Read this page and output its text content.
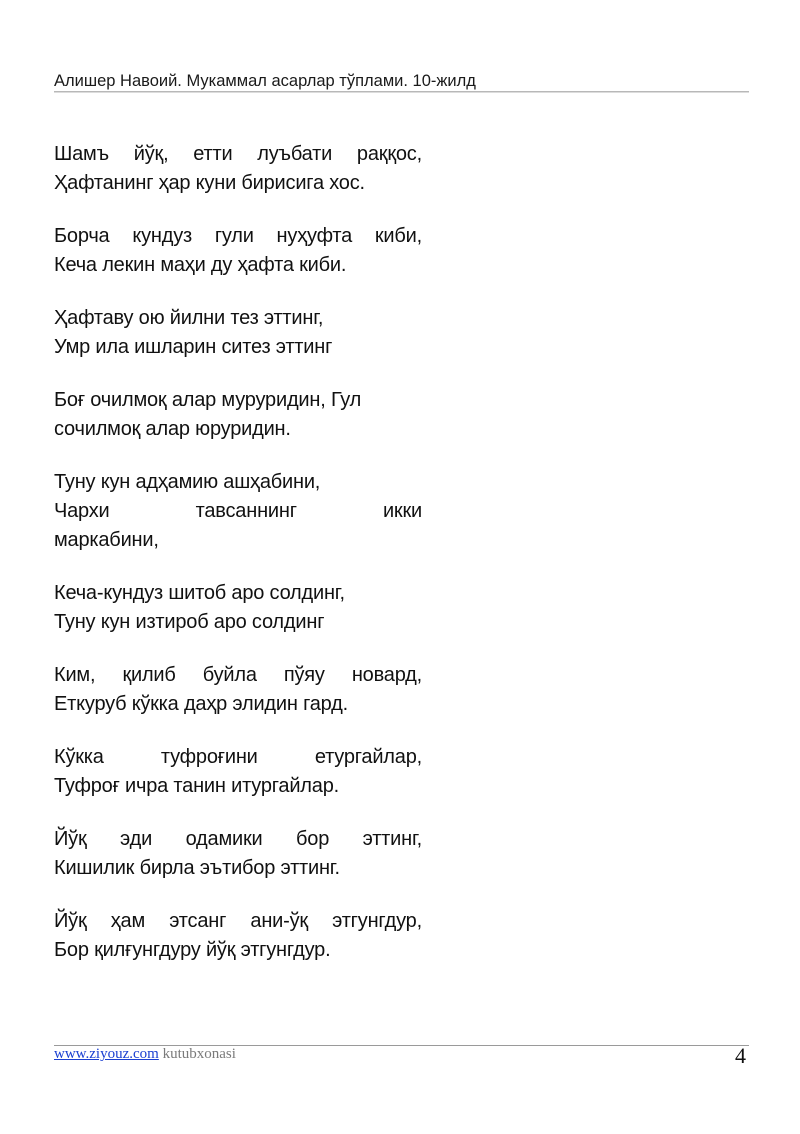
Алишер Навоий. Мукаммал асарлар тўплами. 10-жилд
Шамъ йўқ, етти луъбати раққос,
Ҳафтанинг ҳар куни бирисига хос.
Борча кундуз гули нуҳуфта киби,
Кеча лекин маҳи ду ҳафта киби.
Ҳафтаву ою йилни тез эттинг,
Умр ила ишларин ситез эттинг
Боғ очилмоқ алар муруридин, Гул
сочилмоқ алар юруридин.
Туну кун адҳамию ашҳабини,
Чархи	тавсаннинг	икки
маркабини,
Кеча-кундуз шитоб аро солдинг,
Туну кун изтироб аро солдинг
Ким, қилиб буйла пўяу новард,
Еткуруб кўкка даҳр элидин гард.
Кўкка	туфроғини	етургайлар,
Туфроғ ичра танин итургайлар.
Йўқ эди одамики бор эттинг,
Кишилик бирла эътибор эттинг.
Йўқ ҳам этсанг ани-ўқ этгунгдур,
Бор қилғунгдуру йўқ этгунгдур.
www.ziyouz.com kutubxonasi	4
